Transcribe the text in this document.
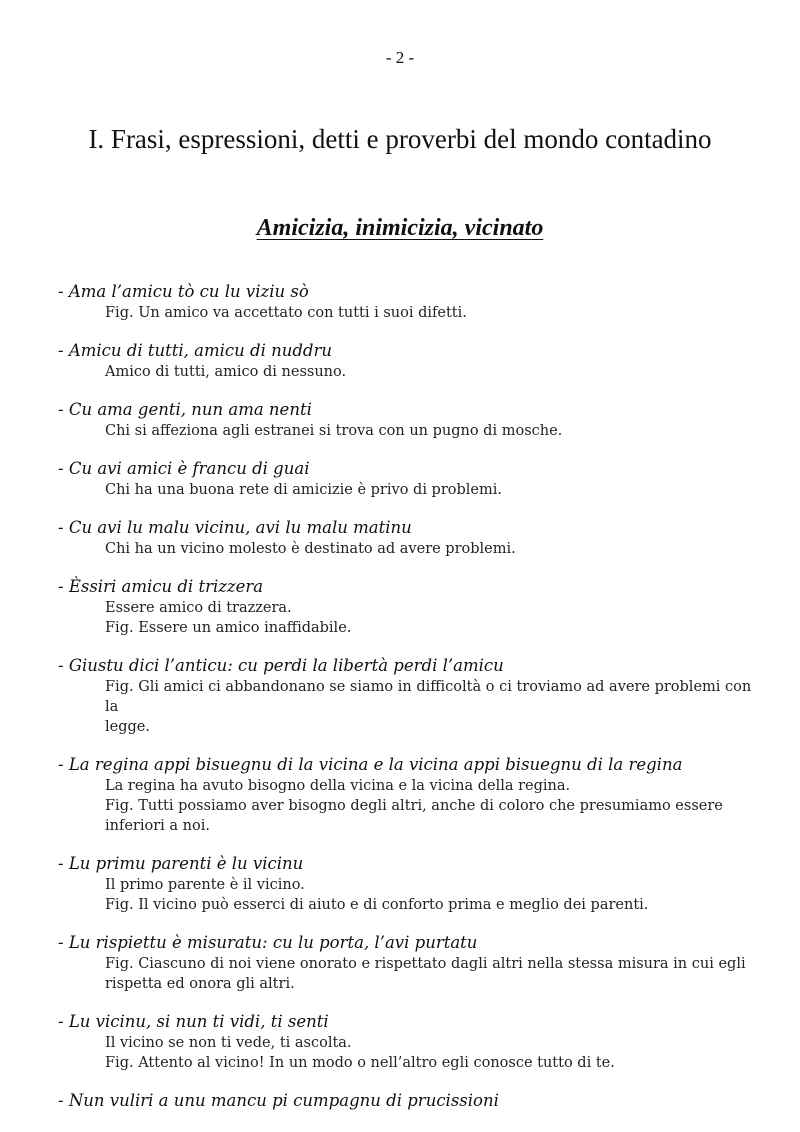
- 2 -
I. Frasi, espressioni, detti e proverbi del mondo contadino
Amicizia, inimicizia, vicinato
- Ama l’amicu tò cu lu viziu sò
Fig. Un amico va accettato con tutti i suoi difetti.
- Amicu di tutti, amicu di nuddru
Amico di tutti, amico di nessuno.
- Cu ama genti, nun ama nenti
Chi si affeziona agli estranei si trova con un pugno di mosche.
- Cu avi amici è francu di guai
Chi ha una buona rete di amicizie è privo di problemi.
- Cu avi lu malu vicinu, avi lu malu matinu
Chi ha un vicino molesto è destinato ad avere problemi.
- Èssiri amicu di trizzera
Essere amico di trazzera.
Fig. Essere un amico inaffidabile.
- Giustu dici l’anticu: cu perdi la libertà perdi l’amicu
Fig. Gli amici ci abbandonano se siamo in difficoltà o ci troviamo ad avere problemi con la
legge.
- La regina appi bisuegnu di la vicina e la vicina appi bisuegnu di la regina
La regina ha avuto bisogno della vicina e la vicina della regina.
Fig. Tutti possiamo aver bisogno degli altri, anche di coloro che presumiamo essere
inferiori a noi.
- Lu primu parenti è lu vicinu
Il primo parente è il vicino.
Fig. Il vicino può esserci di aiuto e di conforto prima e meglio dei parenti.
- Lu rispiettu è misuratu: cu lu porta, l’avi purtatu
Fig. Ciascuno di noi viene onorato e rispettato dagli altri nella stessa misura in cui egli
rispetta ed onora gli altri.
- Lu vicinu, si nun ti vidi, ti senti
Il vicino se non ti vede, ti ascolta.
Fig. Attento al vicino! In un modo o nell’altro egli conosce tutto di te.
- Nun vuliri a unu mancu pi cumpagnu di prucissioni
